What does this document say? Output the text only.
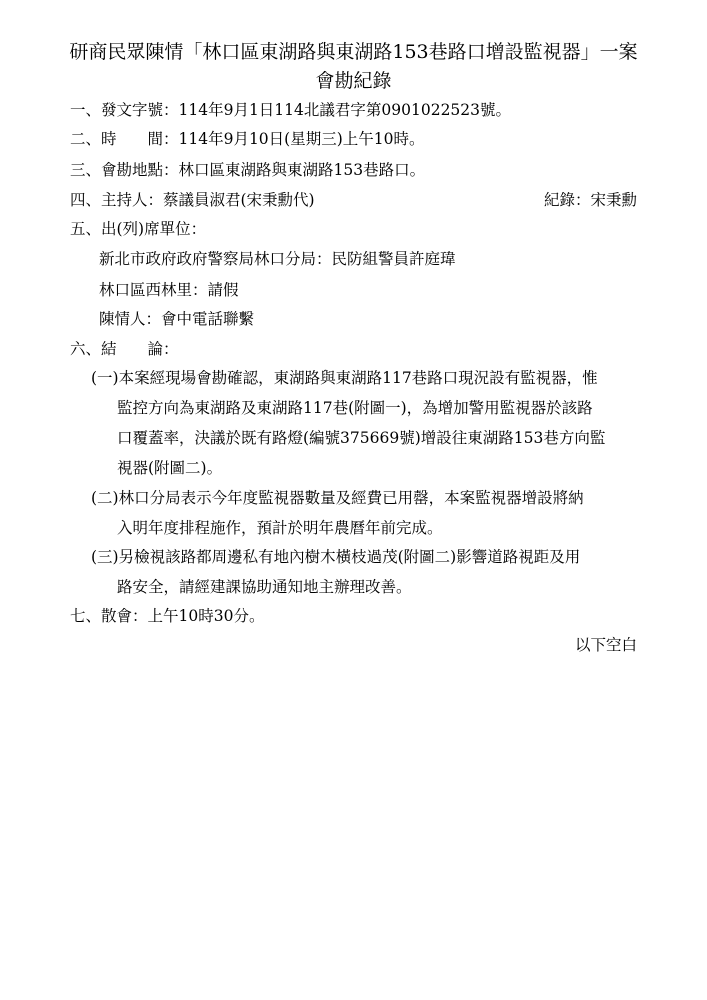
研商民眾陳情「林口區東湖路與東湖路153巷路口增設監視器」一案
會勘紀錄
一、發文字號：114年9月1日114北議君字第0901022523號。
二、時　　間：114年9月10日(星期三)上午10時。
三、會勘地點：林口區東湖路與東湖路153巷路口。
四、主持人：蔡議員淑君(宋秉勳代)	紀錄：宋秉勳
五、出(列)席單位：
新北市政府政府警察局林口分局：民防組警員許庭瑋
林口區西林里：請假
陳情人：會中電話聯繫
六、結　　論：
(一)本案經現場會勘確認，東湖路與東湖路117巷路口現況設有監視器，惟
監控方向為東湖路及東湖路117巷(附圖一)，為增加警用監視器於該路
口覆蓋率，決議於既有路燈(編號375669號)增設往東湖路153巷方向監
視器(附圖二)。
(二)林口分局表示今年度監視器數量及經費已用罄，本案監視器增設將納
入明年度排程施作，預計於明年農曆年前完成。
(三)另檢視該路都周邊私有地內樹木橫枝過茂(附圖二)影響道路視距及用
路安全，請經建課協助通知地主辦理改善。
七、散會：上午10時30分。
以下空白
